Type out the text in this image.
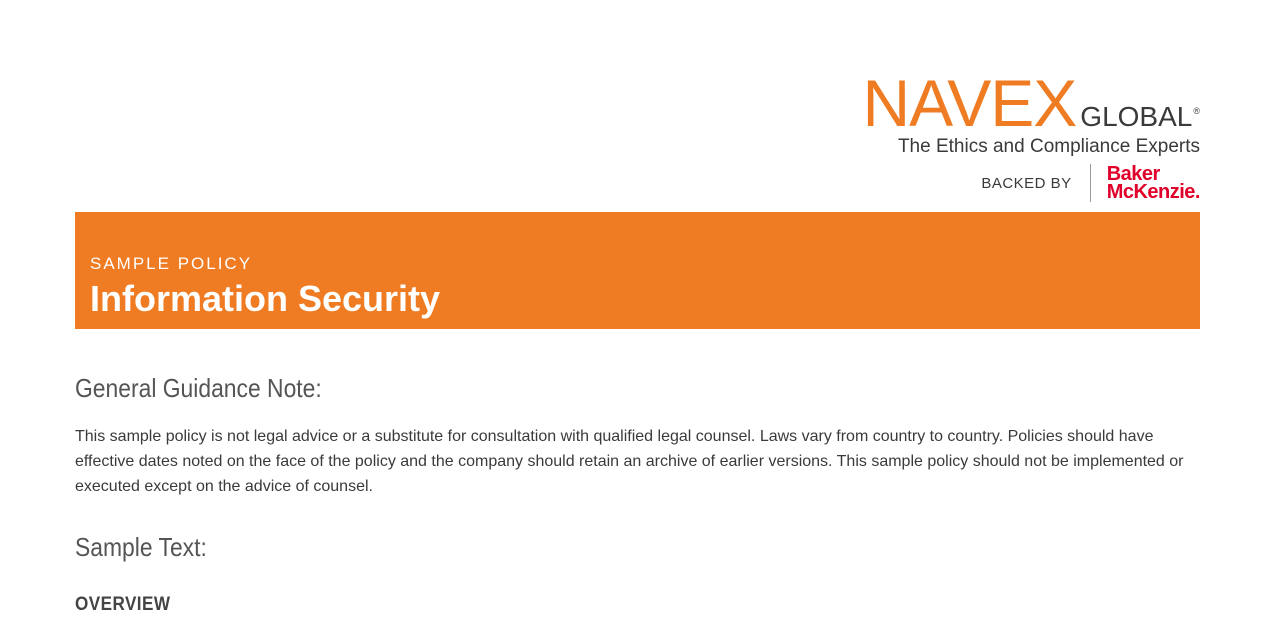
NAVEX GLOBAL ®
The Ethics and Compliance Experts
BACKED BY Baker
McKenzie.
SAMPLE POLICY
Information Security
General Guidance Note:
This sample policy is not legal advice or a substitute for consultation with qualified legal counsel. Laws vary from country to country. Policies should have effective dates noted on the face of the policy and the company should retain an archive of earlier versions. This sample policy should not be implemented or executed except on the advice of counsel.
Sample Text:
OVERVIEW
